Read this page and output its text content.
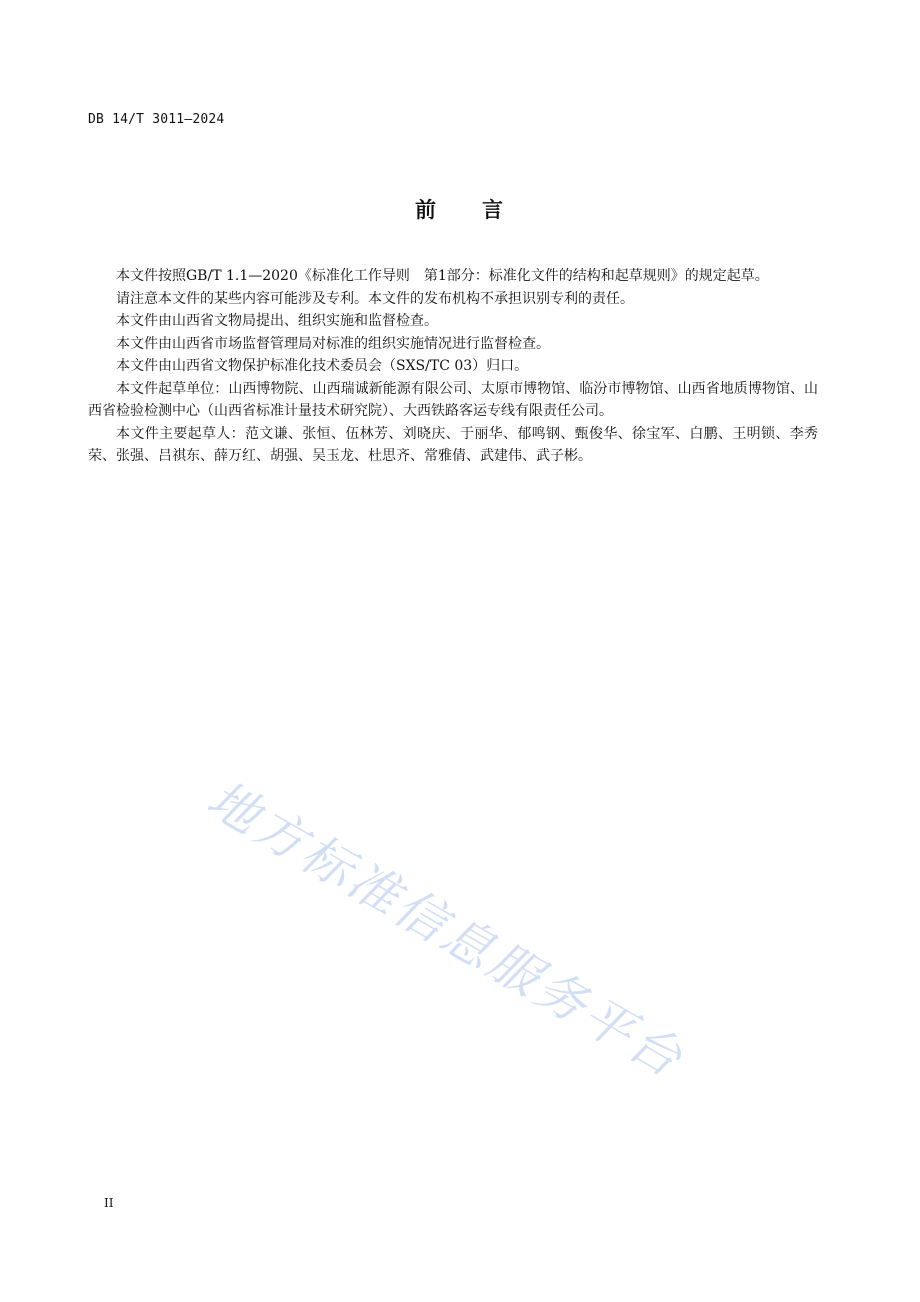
DB 14/T 3011—2024
前 言

本文件按照GB/T 1.1—2020《标准化工作导则　第1部分：标准化文件的结构和起草规则》的规定起草。

请注意本文件的某些内容可能涉及专利。本文件的发布机构不承担识别专利的责任。

本文件由山西省文物局提出、组织实施和监督检查。

本文件由山西省市场监督管理局对标准的组织实施情况进行监督检查。

本文件由山西省文物保护标准化技术委员会（SXS/TC 03）归口。

本文件起草单位：山西博物院、山西瑞诚新能源有限公司、太原市博物馆、临汾市博物馆、山西省地质博物馆、山西省检验检测中心（山西省标准计量技术研究院）、大西铁路客运专线有限责任公司。

本文件主要起草人：范文谦、张恒、伍林芳、刘晓庆、于丽华、郁鸣钢、甄俊华、徐宝军、白鹏、王明锁、李秀荣、张强、吕祺东、薛万红、胡强、吴玉龙、杜思齐、常雅倩、武建伟、武子彬。

地方标准信息服务平台
II
